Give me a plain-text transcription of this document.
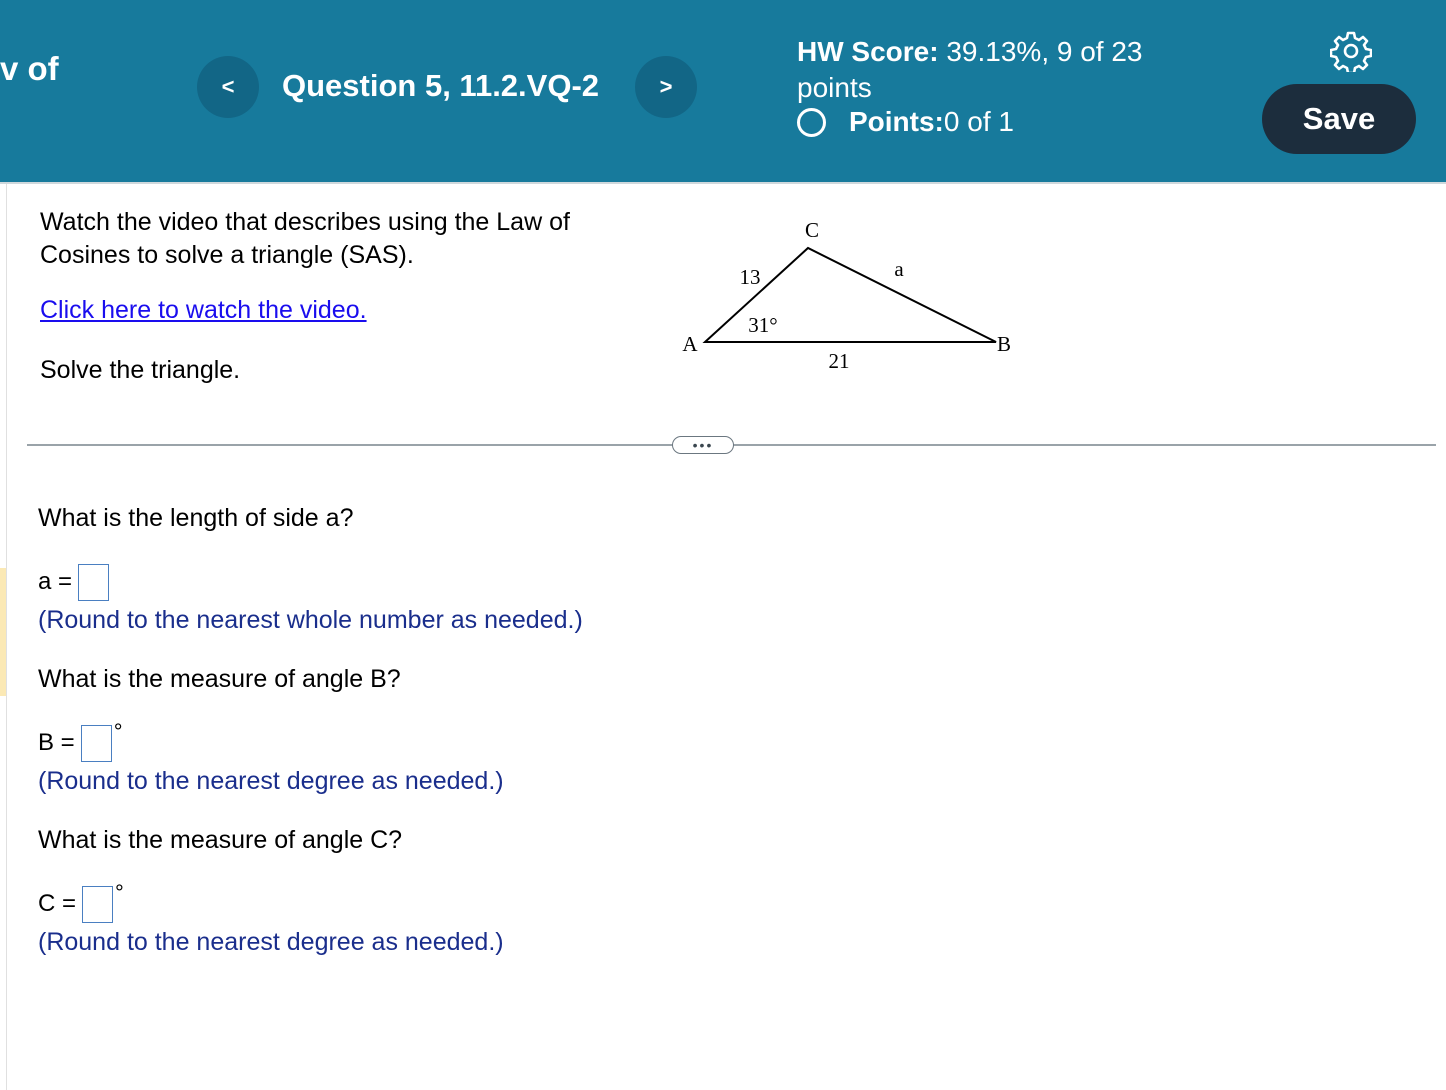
v of	< Question 5, 11.2.VQ-2	>
HW Score: 39.13%, 9 of 23 points
Points: 0 of 1	Save
Watch the video that describes using the Law of Cosines to solve a triangle (SAS).
Click here to watch the video.
Solve the triangle.
C
A	B
13	a
21
31°
•••
What is the length of side a?
a =
(Round to the nearest whole number as needed.)
What is the measure of angle B?
B = °
(Round to the nearest degree as needed.)
What is the measure of angle C?
C = °
(Round to the nearest degree as needed.)
